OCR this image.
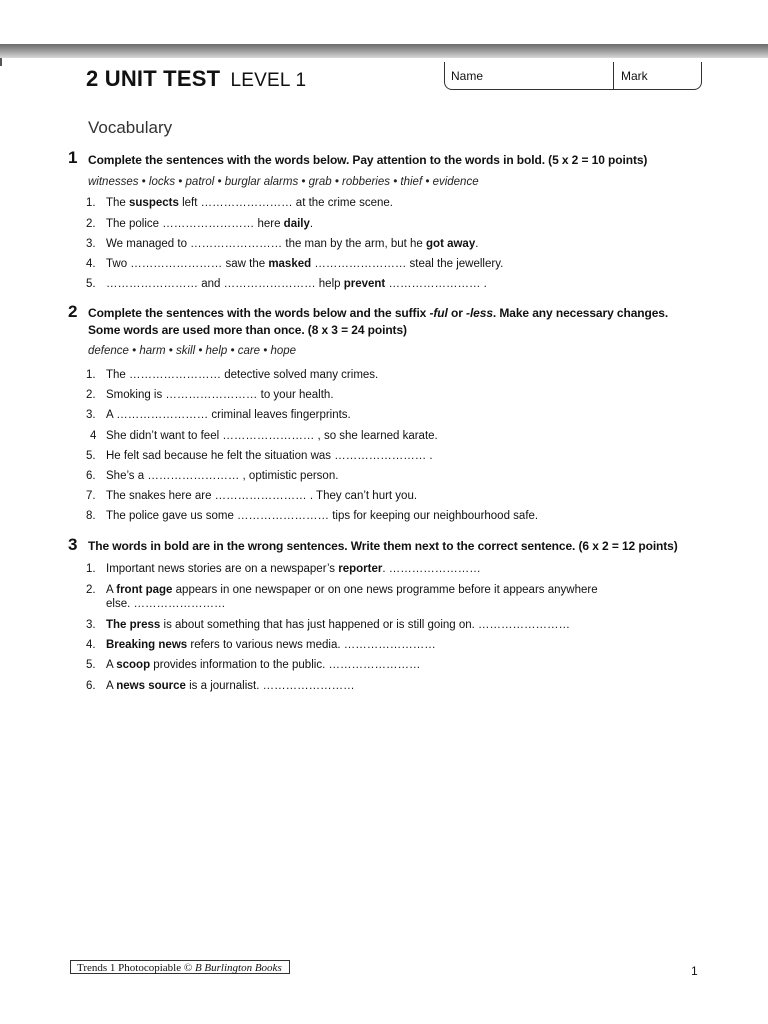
2 UNIT TEST LEVEL 1	Name	Mark
Vocabulary
1 Complete the sentences with the words below. Pay attention to the words in bold. (5 x 2 = 10 points)
witnesses • locks • patrol • burglar alarms • grab • robberies • thief • evidence
1. The suspects left …………………… at the crime scene.
2. The police …………………… here daily.
3. We managed to …………………… the man by the arm, but he got away.
4. Two …………………… saw the masked …………………… steal the jewellery.
5. …………………… and …………………… help prevent …………………… .
2 Complete the sentences with the words below and the suffix -ful or -less. Make any necessary changes.
Some words are used more than once. (8 x 3 = 24 points)
defence • harm • skill • help • care • hope
1. The …………………… detective solved many crimes.
2. Smoking is …………………… to your health.
3. A …………………… criminal leaves fingerprints.
4 She didn’t want to feel …………………… , so she learned karate.
5. He felt sad because he felt the situation was …………………… .
6. She’s a …………………… , optimistic person.
7. The snakes here are …………………… . They can’t hurt you.
8. The police gave us some …………………… tips for keeping our neighbourhood safe.
3 The words in bold are in the wrong sentences. Write them next to the correct sentence. (6 x 2 = 12 points)
1. Important news stories are on a newspaper’s reporter. ……………………
2. A front page appears in one newspaper or on one news programme before it appears anywhere
else. ……………………
3. The press is about something that has just happened or is still going on. ……………………
4. Breaking news refers to various news media. ……………………
5. A scoop provides information to the public. ……………………
6. A news source is a journalist. ……………………
Trends 1 Photocopiable © B Burlington Books	1
